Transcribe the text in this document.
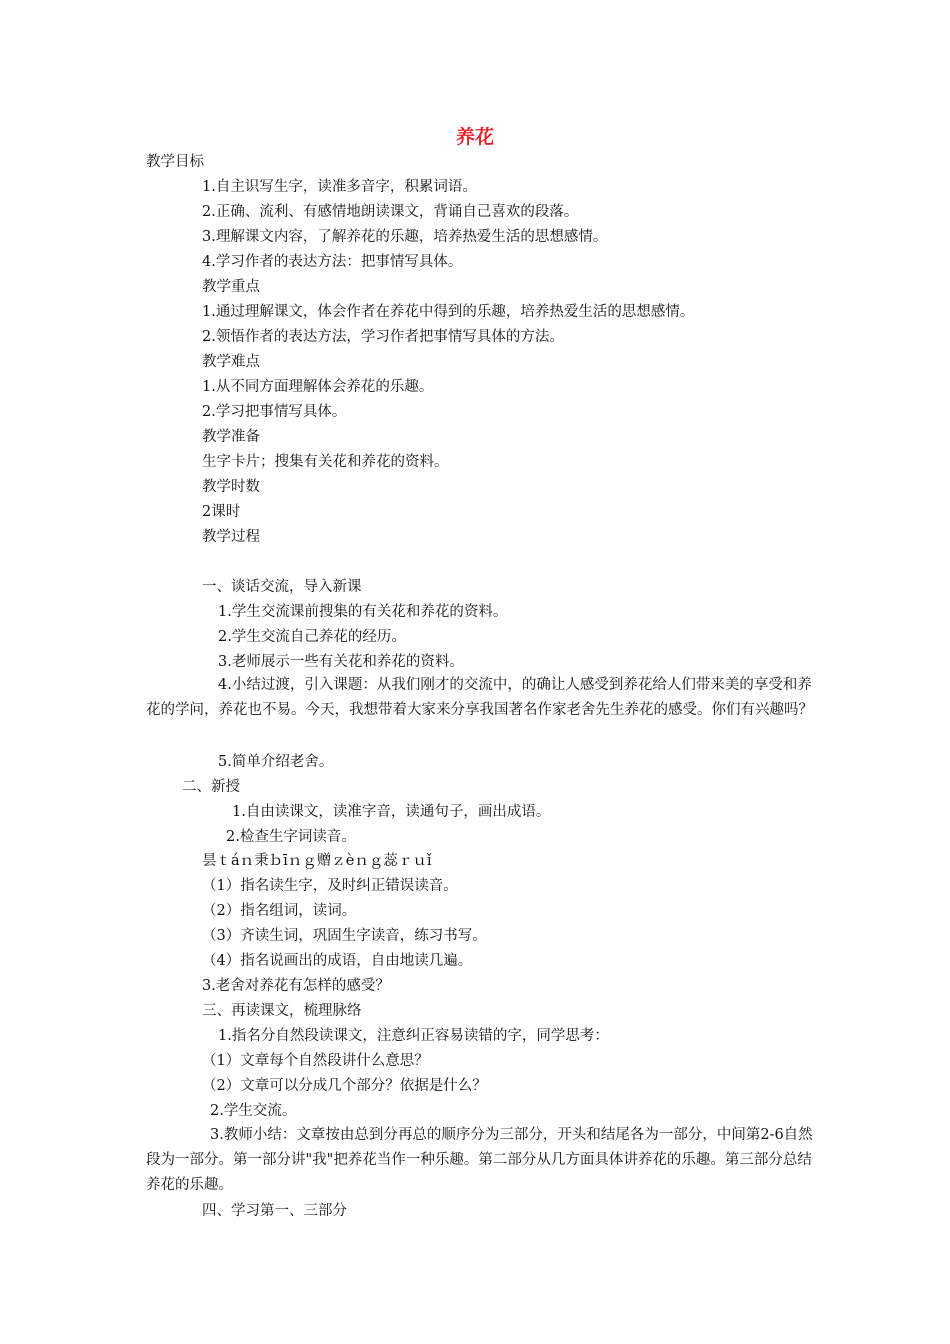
养花
教学目标
1.自主识写生字，读准多音字，积累词语。
2.正确、流利、有感情地朗读课文，背诵自己喜欢的段落。
3.理解课文内容，了解养花的乐趣，培养热爱生活的思想感情。
4.学习作者的表达方法：把事情写具体。
教学重点
1.通过理解课文，体会作者在养花中得到的乐趣，培养热爱生活的思想感情。
2.领悟作者的表达方法，学习作者把事情写具体的方法。
教学难点
1.从不同方面理解体会养花的乐趣。
2.学习把事情写具体。
教学准备
生字卡片；搜集有关花和养花的资料。
教学时数
2课时
教学过程
一、谈话交流，导入新课
1.学生交流课前搜集的有关花和养花的资料。
2.学生交流自己养花的经历。
3.老师展示一些有关花和养花的资料。
4.小结过渡，引入课题：从我们刚才的交流中，的确让人感受到养花给人们带来美的享受和养花的学问，养花也不易。今天，我想带着大家来分享我国著名作家老舍先生养花的感受。你们有兴趣吗？
5.简单介绍老舍。
二、新授
1.自由读课文，读准字音，读通句子，画出成语。
2.检查生字词读音。
昙ｔáｎ秉ｂīｎｇ赠ｚèｎｇ蕊ｒｕǐ
（1）指名读生字，及时纠正错误读音。
（2）指名组词，读词。
（3）齐读生词，巩固生字读音，练习书写。
（4）指名说画出的成语，自由地读几遍。
3.老舍对养花有怎样的感受？
三、再读课文，梳理脉络
1.指名分自然段读课文，注意纠正容易读错的字，同学思考：
（1）文章每个自然段讲什么意思？
（2）文章可以分成几个部分？依据是什么？
2.学生交流。
3.教师小结：文章按由总到分再总的顺序分为三部分，开头和结尾各为一部分，中间第2-6自然段为一部分。第一部分讲"我"把养花当作一种乐趣。第二部分从几方面具体讲养花的乐趣。第三部分总结养花的乐趣。
四、学习第一、三部分
